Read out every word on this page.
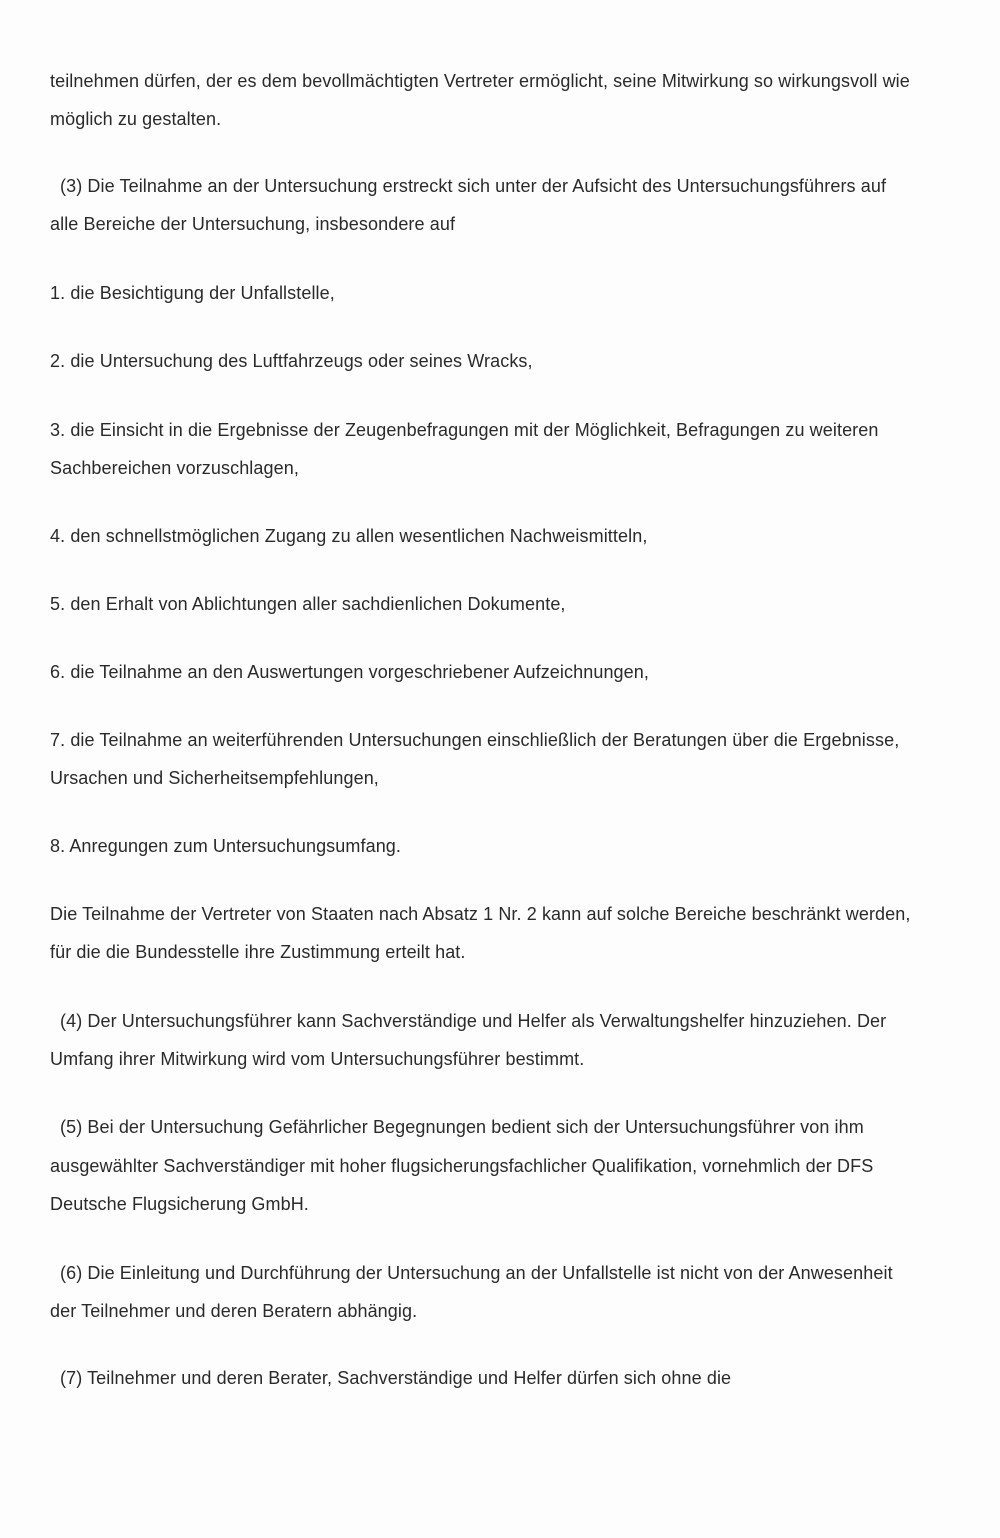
teilnehmen dürfen, der es dem bevollmächtigten Vertreter ermöglicht, seine Mitwirkung so wirkungsvoll wie
möglich zu gestalten.
(3) Die Teilnahme an der Untersuchung erstreckt sich unter der Aufsicht des Untersuchungsführers auf
alle Bereiche der Untersuchung, insbesondere auf
1. die Besichtigung der Unfallstelle,
2. die Untersuchung des Luftfahrzeugs oder seines Wracks,
3. die Einsicht in die Ergebnisse der Zeugenbefragungen mit der Möglichkeit, Befragungen zu weiteren
Sachbereichen vorzuschlagen,
4. den schnellstmöglichen Zugang zu allen wesentlichen Nachweismitteln,
5. den Erhalt von Ablichtungen aller sachdienlichen Dokumente,
6. die Teilnahme an den Auswertungen vorgeschriebener Aufzeichnungen,
7. die Teilnahme an weiterführenden Untersuchungen einschließlich der Beratungen über die Ergebnisse,
Ursachen und Sicherheitsempfehlungen,
8. Anregungen zum Untersuchungsumfang.
Die Teilnahme der Vertreter von Staaten nach Absatz 1 Nr. 2 kann auf solche Bereiche beschränkt werden,
für die die Bundesstelle ihre Zustimmung erteilt hat.
(4) Der Untersuchungsführer kann Sachverständige und Helfer als Verwaltungshelfer hinzuziehen. Der
Umfang ihrer Mitwirkung wird vom Untersuchungsführer bestimmt.
(5) Bei der Untersuchung Gefährlicher Begegnungen bedient sich der Untersuchungsführer von ihm
ausgewählter Sachverständiger mit hoher flugsicherungsfachlicher Qualifikation, vornehmlich der DFS
Deutsche Flugsicherung GmbH.
(6) Die Einleitung und Durchführung der Untersuchung an der Unfallstelle ist nicht von der Anwesenheit
der Teilnehmer und deren Beratern abhängig.
(7) Teilnehmer und deren Berater, Sachverständige und Helfer dürfen sich ohne die
